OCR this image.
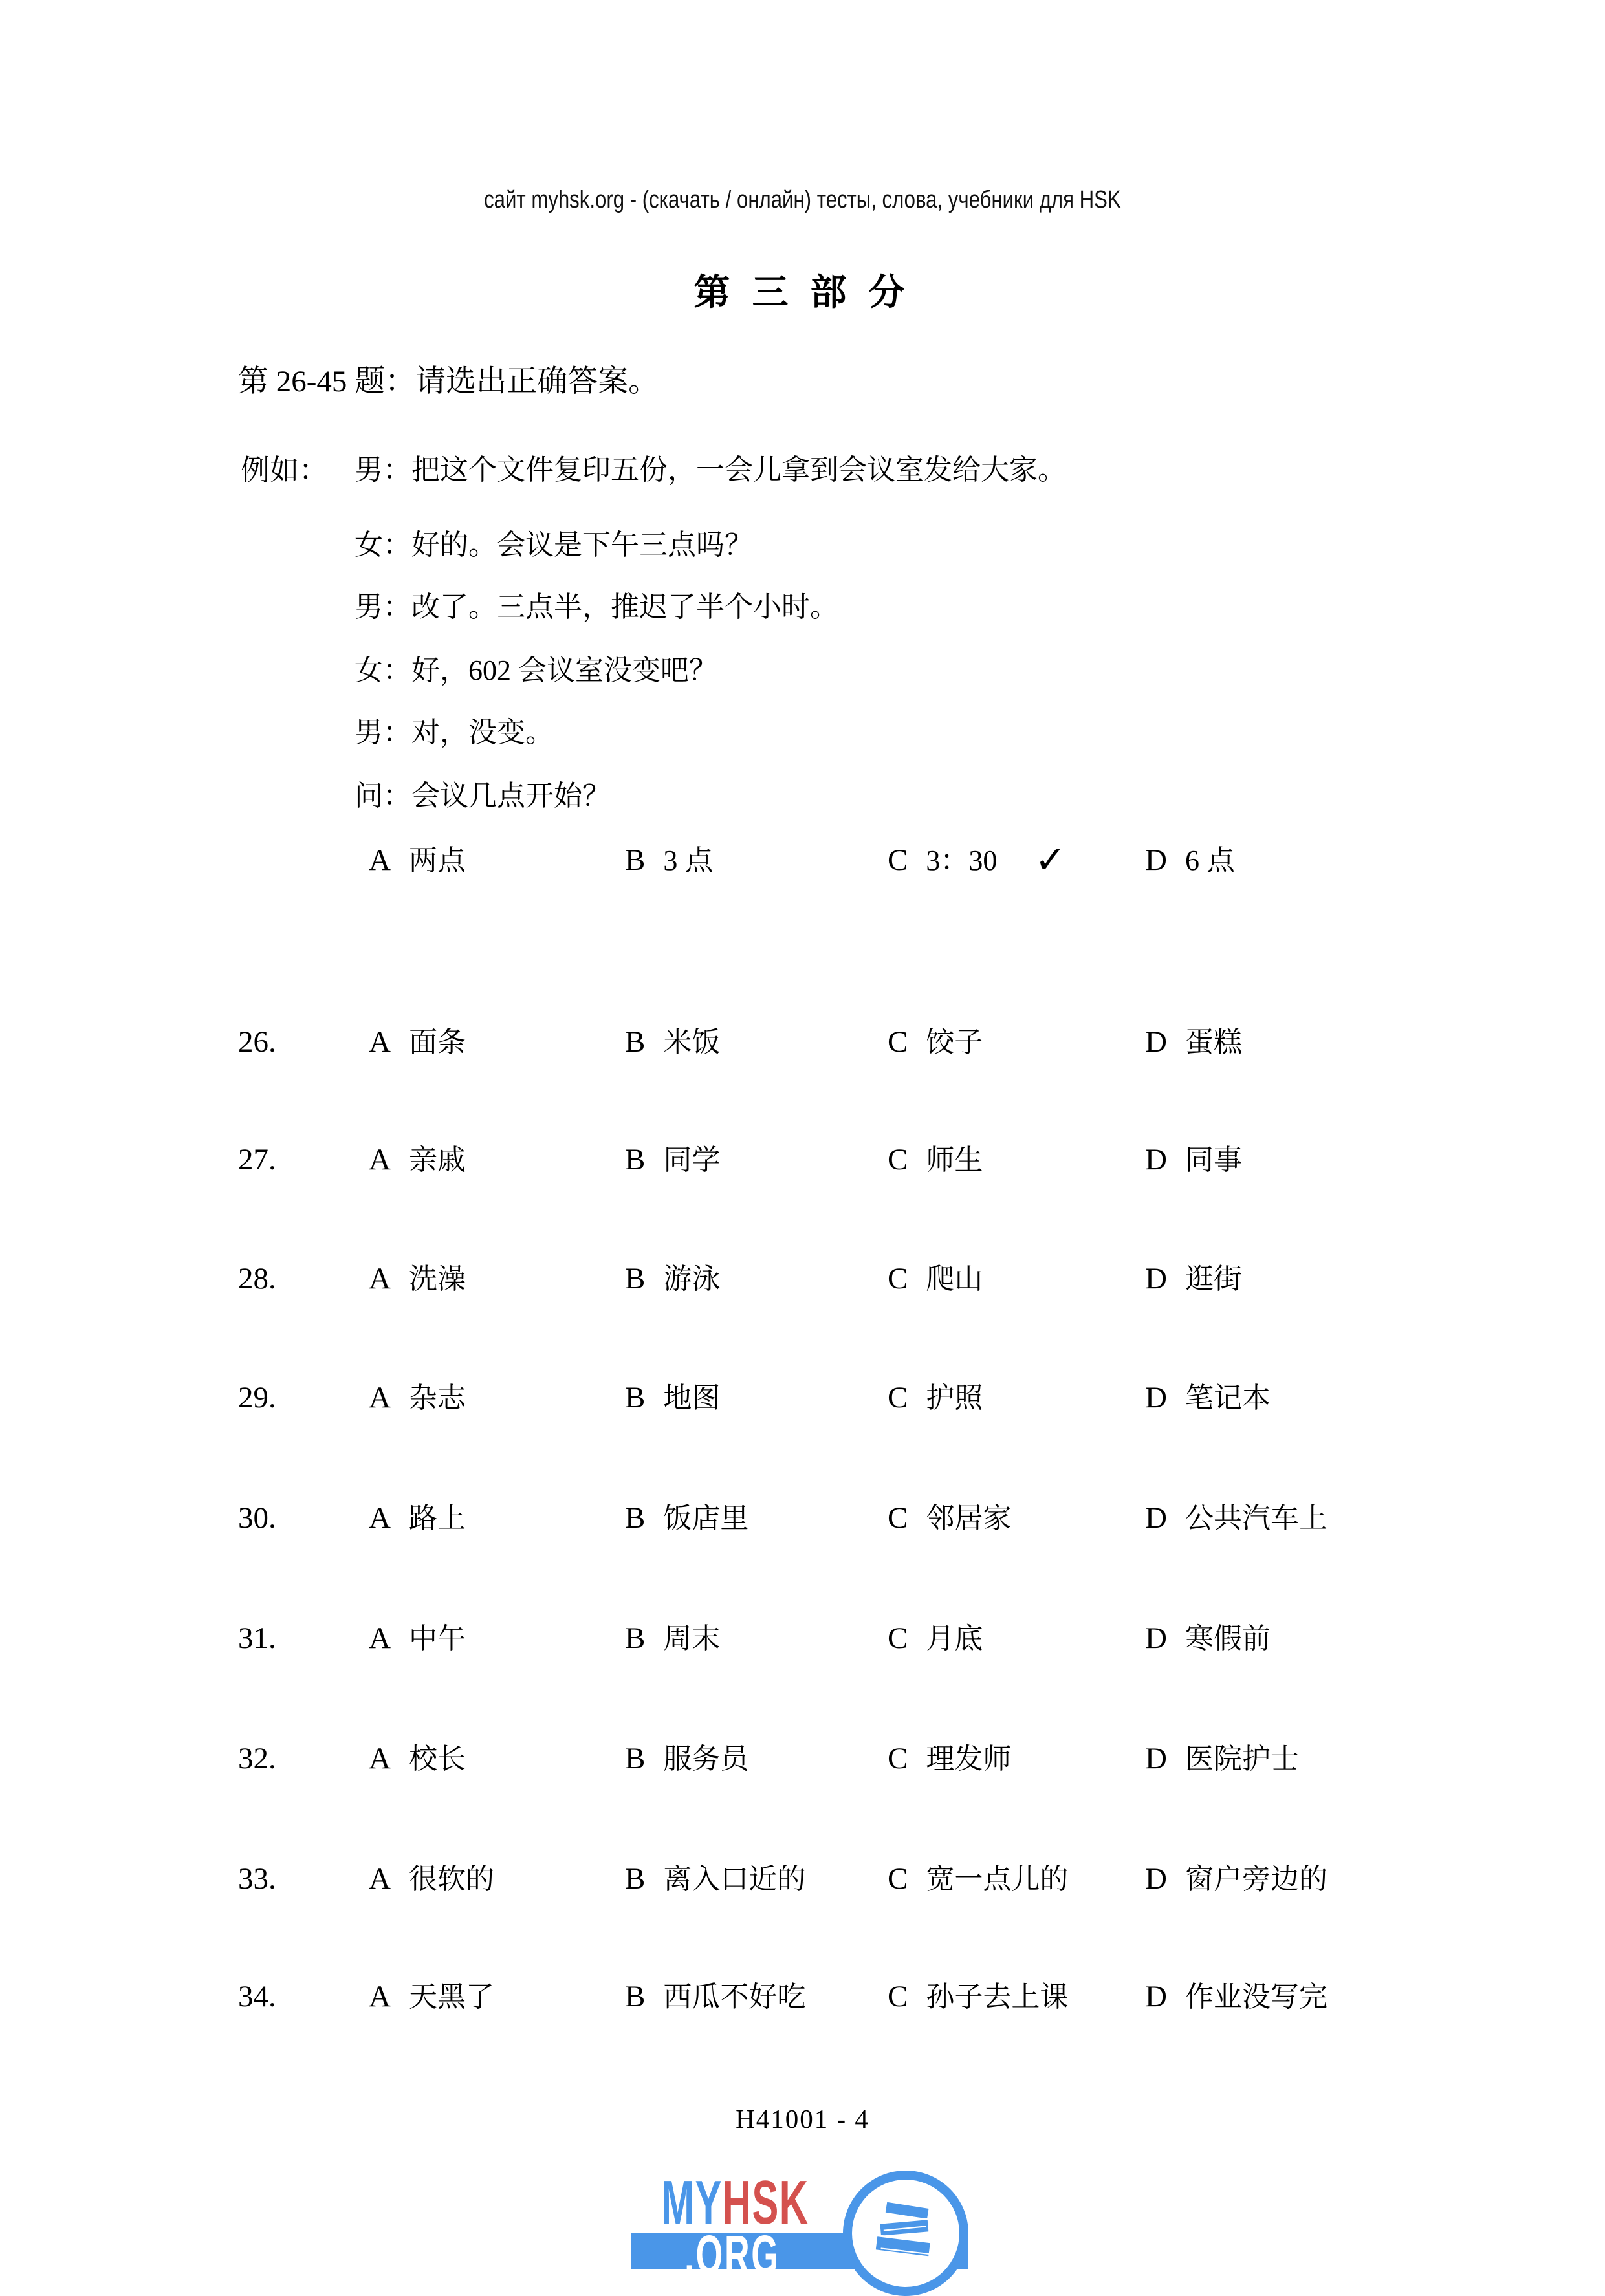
сайт myhsk.org - (скачать / онлайн) тесты, слова, учебники для HSK
第 三 部 分
第 26-45 题：请选出正确答案。
例如： 男：把这个文件复印五份，一会儿拿到会议室发给大家。
女：好的。会议是下午三点吗？
男：改了。三点半，推迟了半个小时。
女：好，602 会议室没变吧？
男：对，没变。
问：会议几点开始？
A 两点	B 3 点	C 3：30 ✓	D 6 点
26.	A 面条	B 米饭	C 饺子	D 蛋糕
27.	A 亲戚	B 同学	C 师生	D 同事
28.	A 洗澡	B 游泳	C 爬山	D 逛街
29.	A 杂志	B 地图	C 护照	D 笔记本
30.	A 路上	B 饭店里	C 邻居家	D 公共汽车上
31.	A 中午	B 周末	C 月底	D 寒假前
32.	A 校长	B 服务员	C 理发师	D 医院护士
33.	A 很软的	B 离入口近的	C 宽一点儿的	D 窗户旁边的
34.	A 天黑了	B 西瓜不好吃	C 孙子去上课	D 作业没写完
H41001 - 4
MYHSK
.ORG
